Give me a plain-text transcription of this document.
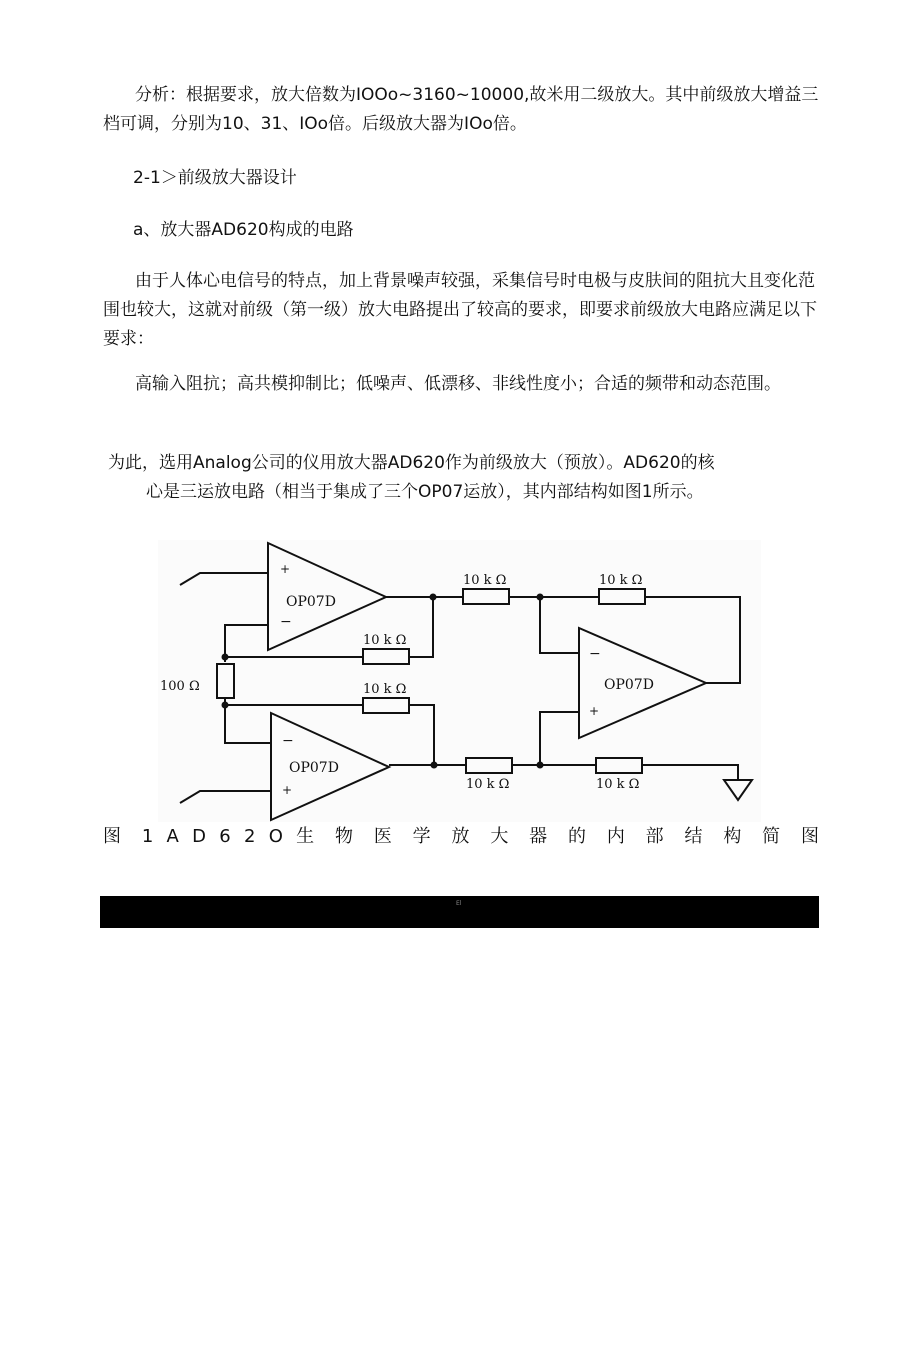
分析：根据要求，放大倍数为IOOo~3160~10000,故米用二级放大。其中前级放大增益三档可调，分别为10、31、IOo倍。后级放大器为IOo倍。

2-1＞前级放大器设计

a、放大器AD620构成的电路

由于人体心电信号的特点，加上背景噪声较强，采集信号时电极与皮肤间的阻抗大且变化范围也较大，这就对前级（第一级）放大电路提出了较高的要求，即要求前级放大电路应满足以下要求：

高输入阻抗；高共模抑制比；低噪声、低漂移、非线性度小；合适的频带和动态范围。

为此，选用Analog公司的仪用放大器AD620作为前级放大（预放）。AD620的核

心是三运放电路（相当于集成了三个OP07运放），其内部结构如图1所示。

OP07D
+
−
OP07D
−
+
OP07D
−
+
100 Ω
10 k Ω
10 k Ω
10 k Ω	10 k Ω
10 k Ω	10 k Ω
图 1 A D 6 2 O 生 物 医 学 放 大 器 的 内 部 结 构 简 图
El
